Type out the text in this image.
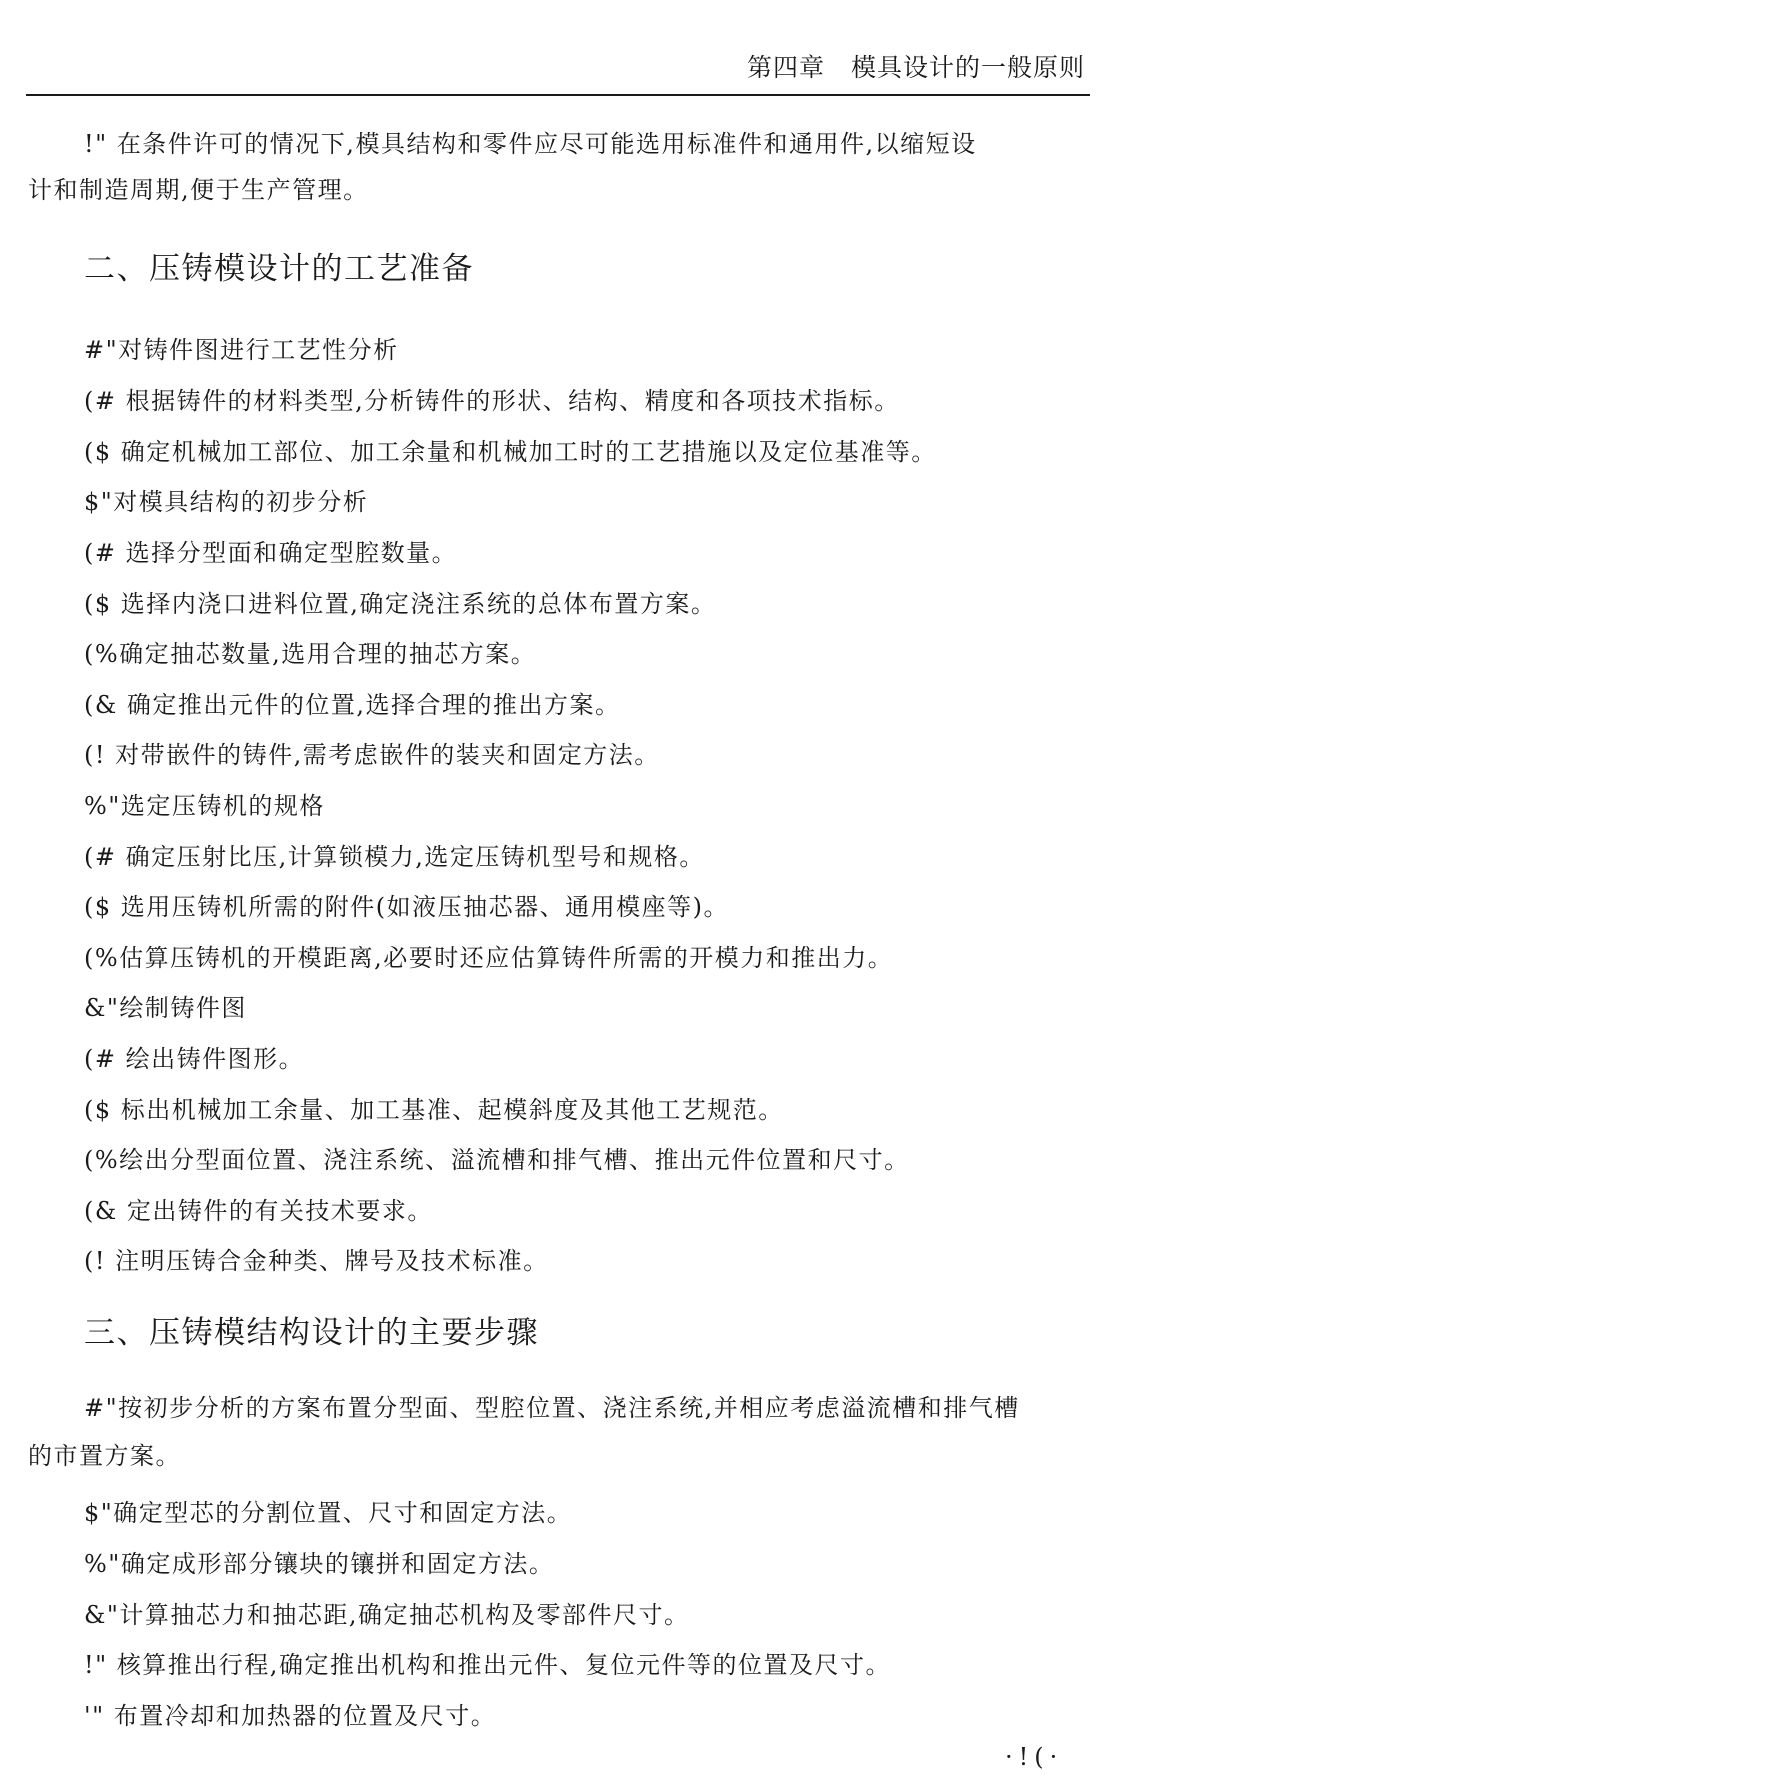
第四章　模具设计的一般原则
!" 在条件许可的情况下,模具结构和零件应尽可能选用标准件和通用件,以缩短设
计和制造周期,便于生产管理。
二、压铸模设计的工艺准备
#"对铸件图进行工艺性分析
(# 根据铸件的材料类型,分析铸件的形状、结构、精度和各项技术指标。
($ 确定机械加工部位、加工余量和机械加工时的工艺措施以及定位基准等。
$"对模具结构的初步分析
(# 选择分型面和确定型腔数量。
($ 选择内浇口进料位置,确定浇注系统的总体布置方案。
(%确定抽芯数量,选用合理的抽芯方案。
(& 确定推出元件的位置,选择合理的推出方案。
(! 对带嵌件的铸件,需考虑嵌件的装夹和固定方法。
%"选定压铸机的规格
(# 确定压射比压,计算锁模力,选定压铸机型号和规格。
($ 选用压铸机所需的附件(如液压抽芯器、通用模座等)。
(%估算压铸机的开模距离,必要时还应估算铸件所需的开模力和推出力。
&"绘制铸件图
(# 绘出铸件图形。
($ 标出机械加工余量、加工基准、起模斜度及其他工艺规范。
(%绘出分型面位置、浇注系统、溢流槽和排气槽、推出元件位置和尺寸。
(& 定出铸件的有关技术要求。
(! 注明压铸合金种类、牌号及技术标准。
三、压铸模结构设计的主要步骤
#"按初步分析的方案布置分型面、型腔位置、浇注系统,并相应考虑溢流槽和排气槽
的市置方案。
$"确定型芯的分割位置、尺寸和固定方法。
%"确定成形部分镶块的镶拼和固定方法。
&"计算抽芯力和抽芯距,确定抽芯机构及零部件尺寸。
!" 核算推出行程,确定推出机构和推出元件、复位元件等的位置及尺寸。
'" 布置冷却和加热器的位置及尺寸。
·!(·
